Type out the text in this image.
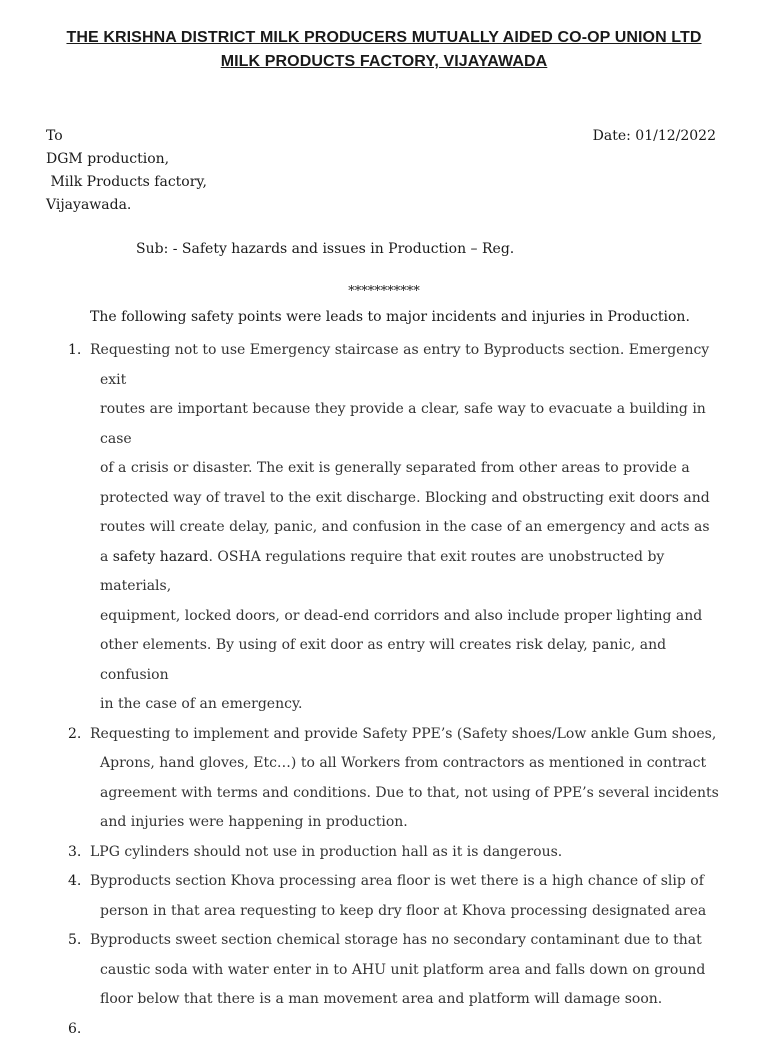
THE KRISHNA DISTRICT MILK PRODUCERS MUTUALLY AIDED CO-OP UNION LTD
MILK PRODUCTS FACTORY, VIJAYAWADA
To	Date: 01/12/2022
DGM production,
Milk Products factory,
Vijayawada.
Sub: - Safety hazards and issues in Production – Reg.
***********
The following safety points were leads to major incidents and injuries in Production.
1. Requesting not to use Emergency staircase as entry to Byproducts section. Emergency exit
routes are important because they provide a clear, safe way to evacuate a building in case
of a crisis or disaster. The exit is generally separated from other areas to provide a
protected way of travel to the exit discharge. Blocking and obstructing exit doors and
routes will create delay, panic, and confusion in the case of an emergency and acts as
a safety hazard. OSHA regulations require that exit routes are unobstructed by materials,
equipment, locked doors, or dead-end corridors and also include proper lighting and
other elements. By using of exit door as entry will creates risk delay, panic, and confusion
in the case of an emergency.
2. Requesting to implement and provide Safety PPE’s (Safety shoes/Low ankle Gum shoes,
Aprons, hand gloves, Etc…) to all Workers from contractors as mentioned in contract
agreement with terms and conditions. Due to that, not using of PPE’s several incidents
and injuries were happening in production.
3. LPG cylinders should not use in production hall as it is dangerous.
4. Byproducts section Khova processing area floor is wet there is a high chance of slip of
person in that area requesting to keep dry floor at Khova processing designated area
5. Byproducts sweet section chemical storage has no secondary contaminant due to that
caustic soda with water enter in to AHU unit platform area and falls down on ground
floor below that there is a man movement area and platform will damage soon.
6.
